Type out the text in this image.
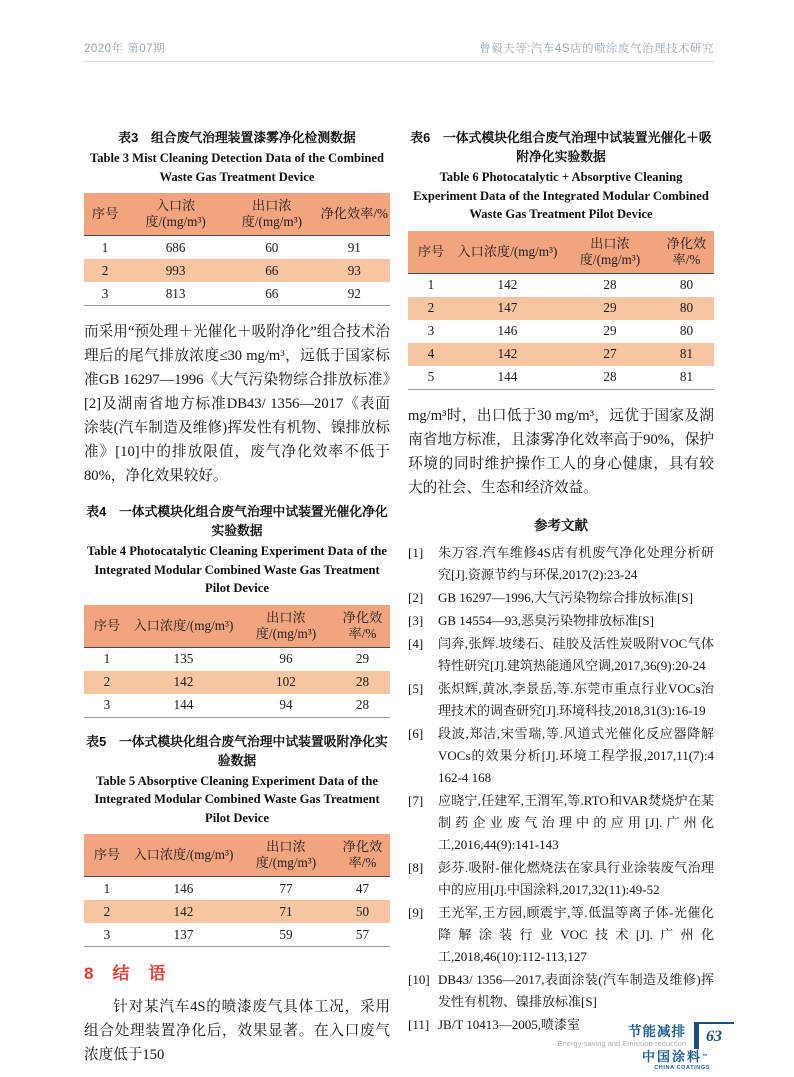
2020年 第07期	曾毅夫等:汽车4S店的喷涂废气治理技术研究
表3　组合废气治理装置漆雾净化检测数据
Table 3 Mist Cleaning Detection Data of the Combined Waste Gas Treatment Device
序号	入口浓度/(mg/m³)	出口浓度/(mg/m³)	净化效率/%
1	686	60	91
2	993	66	93
3	813	66	92

而采用“预处理＋光催化＋吸附净化”组合技术治理后的尾气排放浓度≤30 mg/m³，远低于国家标准GB 16297—1996《大气污染物综合排放标准》[2]及湖南省地方标准DB43/ 1356—2017《表面涂装(汽车制造及维修)挥发性有机物、镍排放标准》[10]中的排放限值，废气净化效率不低于80%，净化效果较好。

表4　一体式模块化组合废气治理中试装置光催化净化实验数据
Table 4 Photocatalytic Cleaning Experiment Data of the Integrated Modular Combined Waste Gas Treatment Pilot Device
序号	入口浓度/(mg/m³)	出口浓度/(mg/m³)	净化效率/%
1	135	96	29
2	142	102	28
3	144	94	28
表5　一体式模块化组合废气治理中试装置吸附净化实验数据
Table 5 Absorptive Cleaning Experiment Data of the Integrated Modular Combined Waste Gas Treatment Pilot Device
序号	入口浓度/(mg/m³)	出口浓度/(mg/m³)	净化效率/%
1	146	77	47
2	142	71	50
3	137	59	57
8　结　语

针对某汽车4S的喷漆废气具体工况，采用组合处理装置净化后，效果显著。在入口废气浓度低于150

表6　一体式模块化组合废气治理中试装置光催化＋吸附净化实验数据
Table 6 Photocatalytic + Absorptive Cleaning Experiment Data of the Integrated Modular Combined Waste Gas Treatment Pilot Device
序号	入口浓度/(mg/m³)	出口浓度/(mg/m³)	净化效率/%
1	142	28	80
2	147	29	80
3	146	29	80
4	142	27	81
5	144	28	81

mg/m³时，出口低于30 mg/m³，远优于国家及湖南省地方标准，且漆雾净化效率高于90%，保护环境的同时维护操作工人的身心健康，具有较大的社会、生态和经济效益。

参考文献
[1]	朱万容.汽车维修4S店有机废气净化处理分析研究[J].资源节约与环保,2017(2):23-24
[2]	GB 16297—1996,大气污染物综合排放标准[S]
[3]	GB 14554—93,恶臭污染物排放标准[S]
[4]	闫奔,张辉.坡缕石、硅胶及活性炭吸附VOC气体特性研究[J].建筑热能通风空调,2017,36(9):20-24
[5]	张炽辉,黄冰,李景岳,等.东莞市重点行业VOCs治理技术的调查研究[J].环境科技,2018,31(3):16-19
[6]	段波,郑洁,宋雪瑞,等.风道式光催化反应器降解VOCs的效果分析[J].环境工程学报,2017,11(7):4 162-4 168
[7]	应晓宁,任建军,王渭军,等.RTO和VAR焚烧炉在某制药企业废气治理中的应用[J].广州化工,2016,44(9):141-143
[8]	彭芬.吸附-催化燃烧法在家具行业涂装废气治理中的应用[J].中国涂料,2017,32(11):49-52
[9]	王光军,王方园,顾震宇,等.低温等离子体-光催化降解涂装行业VOC技术[J].广州化工,2018,46(10):112-113,127
[10] DB43/ 1356—2017,表面涂装(汽车制造及维修)挥发性有机物、镍排放标准[S]
[11] JB/T 10413—2005,喷漆室
中国涂料™
CHINA COATINGS
节能减排
Energy-saving and Emission-reduction 63
